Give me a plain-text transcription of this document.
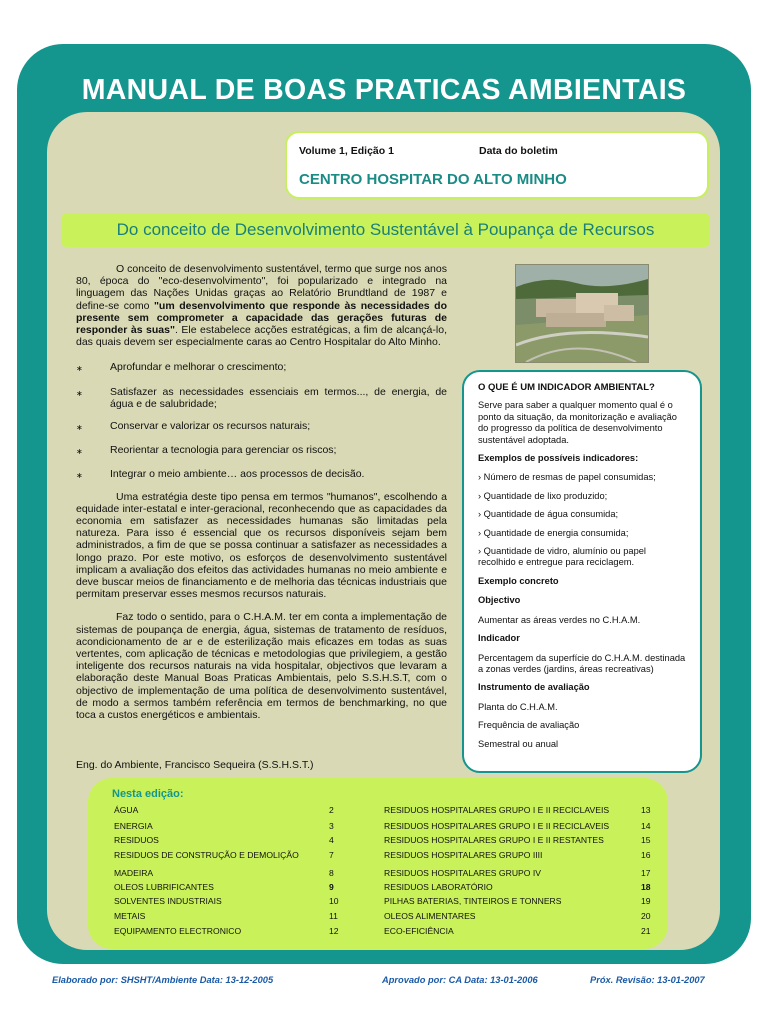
MANUAL DE BOAS PRATICAS AMBIENTAIS
Volume 1, Edição 1	Data do boletim
CENTRO HOSPITAR DO ALTO MINHO
Do conceito de Desenvolvimento Sustentável à Poupança de Recursos

O conceito de desenvolvimento sustentável, termo que surge nos anos 80, época do "eco-desenvolvimento", foi popularizado e integrado na linguagem das Nações Unidas graças ao Relatório Brundtland de 1987 e define-se como "um desenvolvimento que responde às necessidades do presente sem comprometer a capacidade das gerações futuras de responder às suas". Ele estabelece acções estratégicas, a fim de alcançá-lo, das quais devem ser especialmente caras ao Centro Hospitalar do Alto Minho.

∗	Aprofundar e melhorar o crescimento;
∗	Satisfazer as necessidades essenciais em termos..., de energia, de água e de salubridade;
∗	Conservar e valorizar os recursos naturais;
∗	Reorientar a tecnologia para gerenciar os riscos;
∗	Integrar o meio ambiente… aos processos de decisão.

Uma estratégia deste tipo pensa em termos "humanos", escolhendo a equidade inter-estatal e inter-geracional, reconhecendo que as capacidades da economia em satisfazer as necessidades humanas são limitadas pela natureza. Para isso é essencial que os recursos disponíveis sejam bem administrados, a fim de que se possa continuar a satisfazer as necessidades a longo prazo. Por este motivo, os esforços de desenvolvimento sustentável implicam a avaliação dos efeitos das actividades humanas no meio ambiente e deve buscar meios de financiamento e de melhoria das técnicas industriais que permitam preservar esses mesmos recursos naturais.

Faz todo o sentido, para o C.H.A.M. ter em conta a implementação de sistemas de poupança de energia, água, sistemas de tratamento de resíduos, acondicionamento de ar e de esterilização mais eficazes em todas as suas vertentes, com aplicação de técnicas e metodologias que privilegiem, a gestão inteligente dos recursos naturais na vida hospitalar, objectivos que levaram a elaboração deste Manual Boas Praticas Ambientais, pelo S.S.H.S.T, com o objectivo de implementação de uma política de desenvolvimento sustentável, de modo a sermos também referência em termos de benchmarking, no que toca a custos energéticos e ambientais.

Eng. do Ambiente, Francisco Sequeira (S.S.H.S.T.)
O QUE É UM INDICADOR AMBIENTAL?
Serve para saber a qualquer momento qual é o ponto da situação, da monitorização e avaliação do progresso da política de desenvolvimento sustentável adoptada.
Exemplos de possíveis indicadores:
› Número de resmas de papel consumidas;
› Quantidade de lixo produzido;
› Quantidade de água consumida;
› Quantidade de energia consumida;
› Quantidade de vidro, alumínio ou papel recolhido e entregue para reciclagem.
Exemplo concreto
Objectivo
Aumentar as áreas verdes no C.H.A.M.
Indicador
Percentagem da superfície do C.H.A.M. destinada a zonas verdes (jardins, áreas recreativas)
Instrumento de avaliação
Planta do C.H.A.M.
Frequência de avaliação
Semestral ou anual
Nesta edição:
ÁGUA	2
ENERGIA	3
RESIDUOS	4
RESIDUOS DE CONSTRUÇÃO E DEMOLIÇÃO	7
MADEIRA	8
OLEOS LUBRIFICANTES	9
SOLVENTES INDUSTRIAIS	10
METAIS	11
EQUIPAMENTO ELECTRONICO	12
RESIDUOS HOSPITALARES GRUPO I E II RECICLAVEIS	13
RESIDUOS HOSPITALARES GRUPO I E II RECICLAVEIS	14
RESIDUOS HOSPITALARES GRUPO I E II RESTANTES	15
RESIDUOS HOSPITALARES GRUPO IIII	16
RESIDUOS HOSPITALARES GRUPO IV	17
RESIDUOS LABORATÓRIO	18
PILHAS BATERIAS, TINTEIROS E TONNERS	19
OLEOS ALIMENTARES	20
ECO-EFICIÊNCIA	21
Elaborado por: SHSHT/Ambiente Data: 13-12-2005	Aprovado por: CA Data: 13-01-2006	Próx. Revisão: 13-01-2007
